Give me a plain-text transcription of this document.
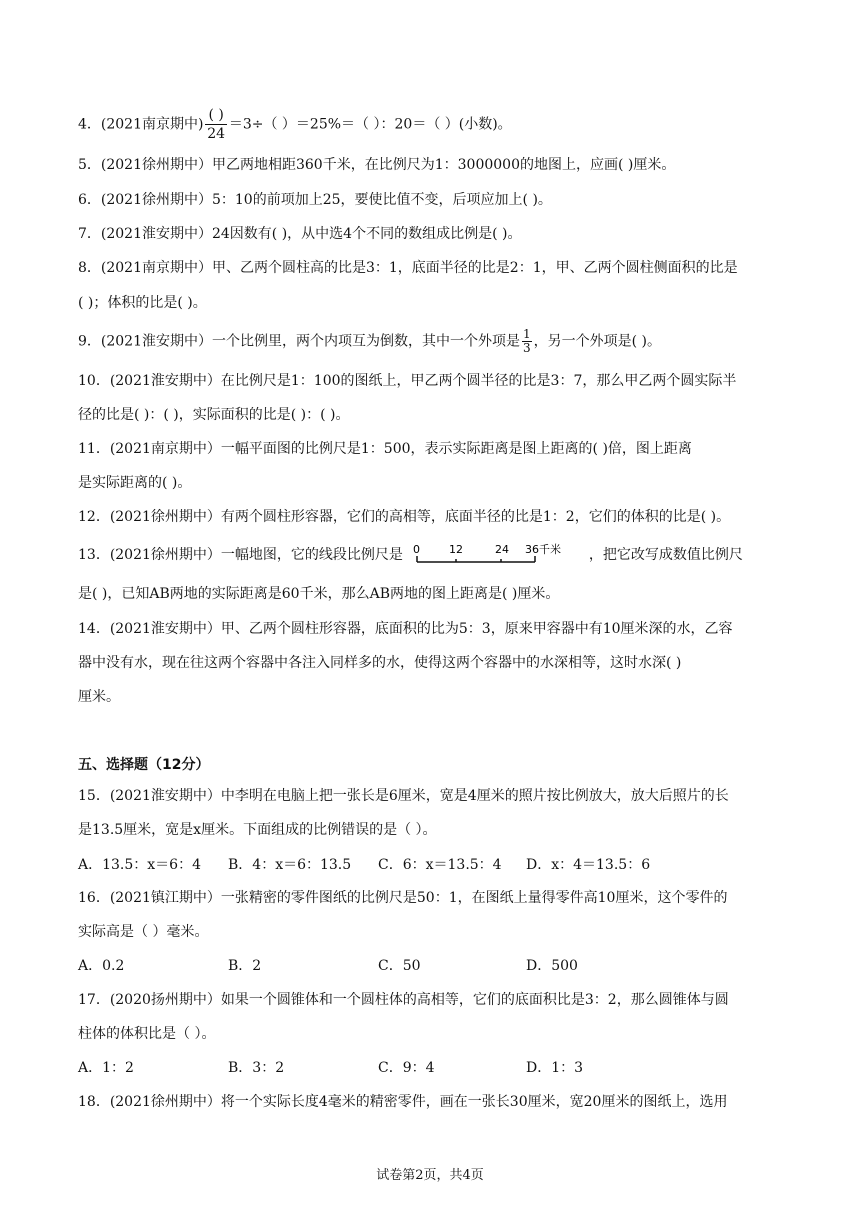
4．(2021南京期中) $\frac{( )}{24} =3\div$（ ）＝25%＝（ ）：20＝（ ）(小数)。
5．(2021徐州期中）甲乙两地相距360千米，在比例尺为1：3000000的地图上，应画( )厘米。
6．(2021徐州期中）5：10的前项加上25，要使比值不变，后项应加上( )。
7．(2021淮安期中）24因数有( )，从中选4个不同的数组成比例是( )。
8．(2021南京期中）甲、乙两个圆柱高的比是3：1，底面半径的比是2：1，甲、乙两个圆柱侧面积的比是
( )；体积的比是( )。
9．(2021淮安期中）一个比例里，两个内项互为倒数，其中一个外项是 $\frac{1}{3}$ ，另一个外项是( )。
10．(2021淮安期中）在比例尺是1：100的图纸上，甲乙两个圆半径的比是3：7，那么甲乙两个圆实际半
径的比是( )：( )，实际面积的比是( )：( )。
11．(2021南京期中）一幅平面图的比例尺是1：500，表示实际距离是图上距离的( )倍，图上距离
是实际距离的( )。
12．(2021徐州期中）有两个圆柱形容器，它们的高相等，底面半径的比是1：2，它们的体积的比是( )。
13．(2021徐州期中）一幅地图，它的线段比例尺是 0	12	24 36千米 ，把它改写成数值比例尺
是( )，已知AB两地的实际距离是60千米，那么AB两地的图上距离是( )厘米。
14．(2021淮安期中）甲、乙两个圆柱形容器，底面积的比为5：3，原来甲容器中有10厘米深的水，乙容
器中没有水，现在往这两个容器中各注入同样多的水，使得这两个容器中的水深相等，这时水深( )
厘米。
五、选择题（12分）
15．(2021淮安期中）中李明在电脑上把一张长是6厘米，宽是4厘米的照片按比例放大，放大后照片的长
是13.5厘米，宽是x厘米。下面组成的比例错误的是（ ）。
A．13.5：x＝6：4 B．4：x＝6：13.5 C．6：x＝13.5：4 D．x：4＝13.5：6
16．(2021镇江期中）一张精密的零件图纸的比例尺是50：1，在图纸上量得零件高10厘米，这个零件的
实际高是（ ）毫米。
A．0.2	B．2	C．50	D．500
17．(2020扬州期中）如果一个圆锥体和一个圆柱体的高相等，它们的底面积比是3：2，那么圆锥体与圆
柱体的体积比是（ ）。
A．1：2	B．3：2	C．9：4	D．1：3
18．(2021徐州期中）将一个实际长度4毫米的精密零件，画在一张长30厘米，宽20厘米的图纸上，选用
试卷第2页，共4页
